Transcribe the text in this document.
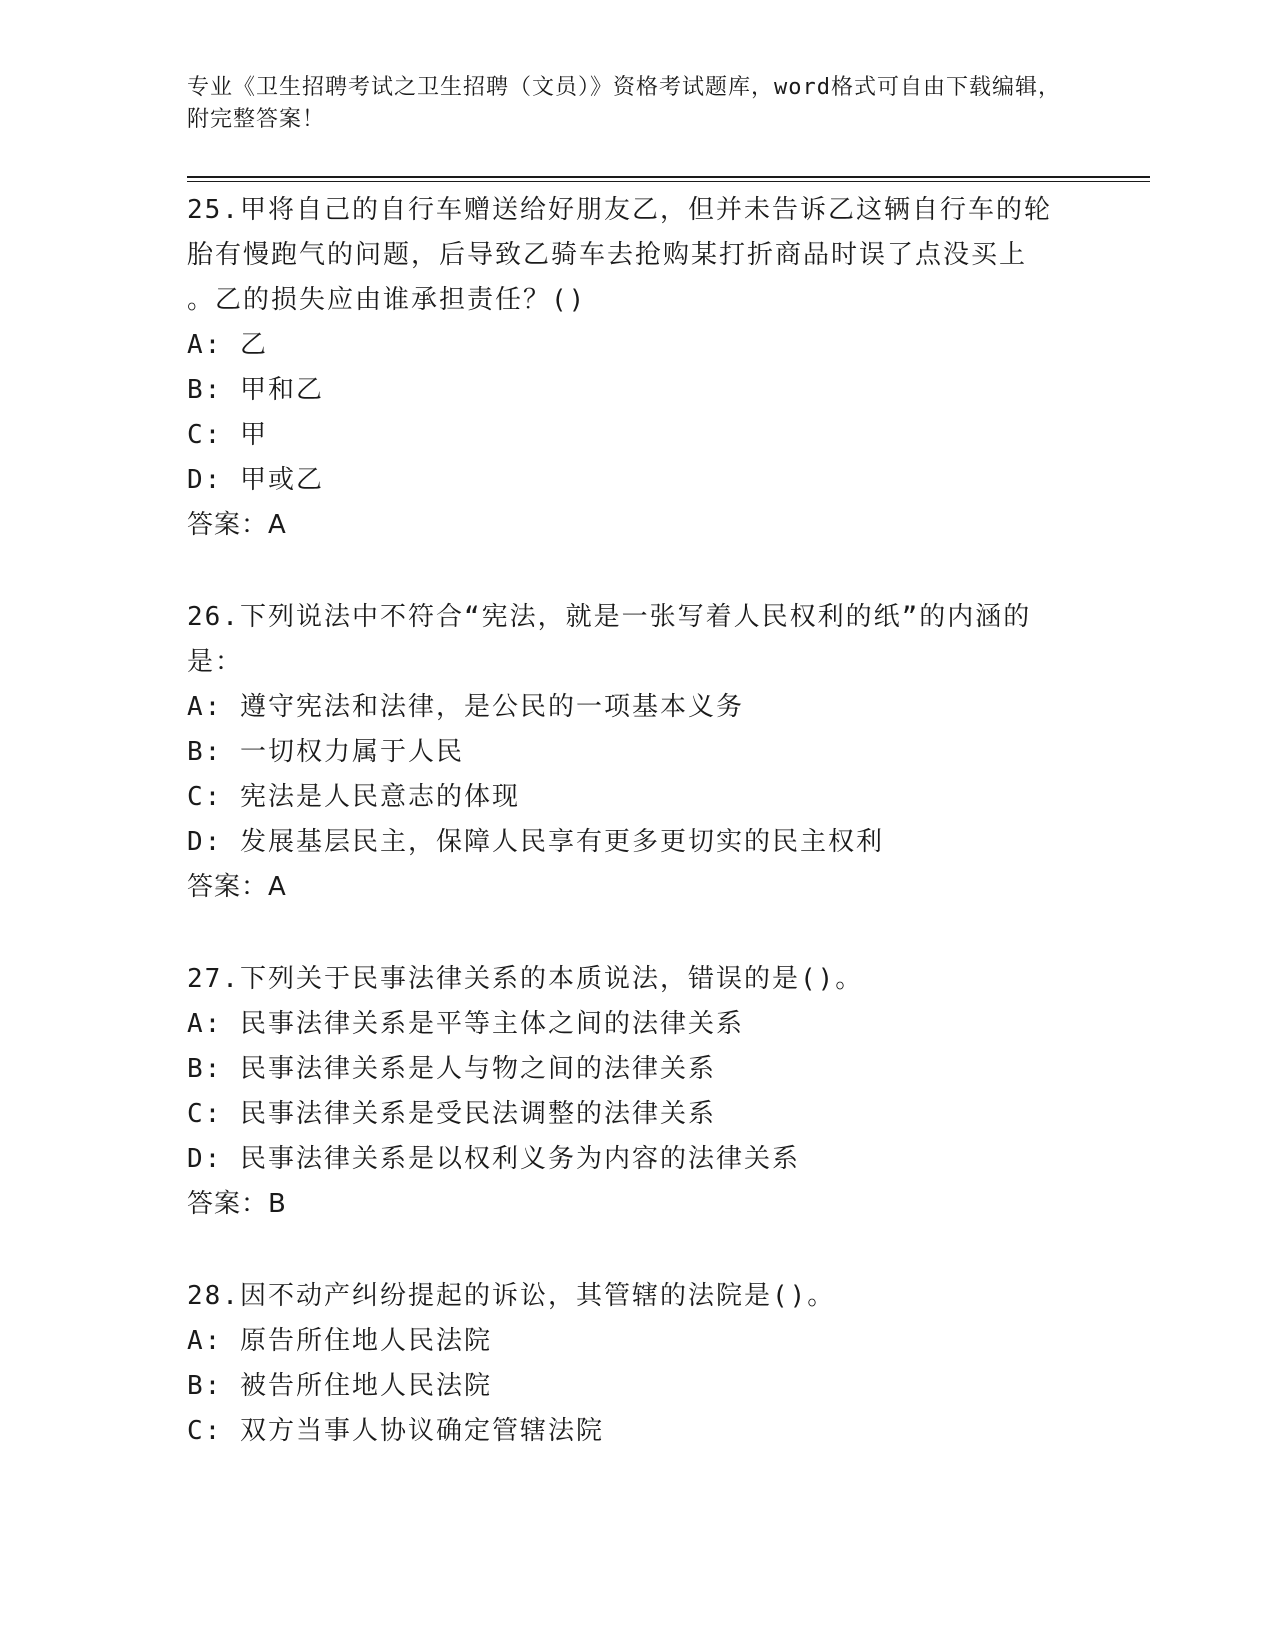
专业《卫生招聘考试之卫生招聘（文员）》资格考试题库，word格式可自由下载编辑，附完整答案！
25.甲将自己的自行车赠送给好朋友乙，但并未告诉乙这辆自行车的轮
胎有慢跑气的问题，后导致乙骑车去抢购某打折商品时误了点没买上
。乙的损失应由谁承担责任？()
A: 乙
B: 甲和乙
C: 甲
D: 甲或乙
答案：A
26.下列说法中不符合“宪法，就是一张写着人民权利的纸”的内涵的
是：
A: 遵守宪法和法律，是公民的一项基本义务
B: 一切权力属于人民
C: 宪法是人民意志的体现
D: 发展基层民主，保障人民享有更多更切实的民主权利
答案：A
27.下列关于民事法律关系的本质说法，错误的是()。
A: 民事法律关系是平等主体之间的法律关系
B: 民事法律关系是人与物之间的法律关系
C: 民事法律关系是受民法调整的法律关系
D: 民事法律关系是以权利义务为内容的法律关系
答案：B
28.因不动产纠纷提起的诉讼，其管辖的法院是()。
A: 原告所住地人民法院
B: 被告所住地人民法院
C: 双方当事人协议确定管辖法院
